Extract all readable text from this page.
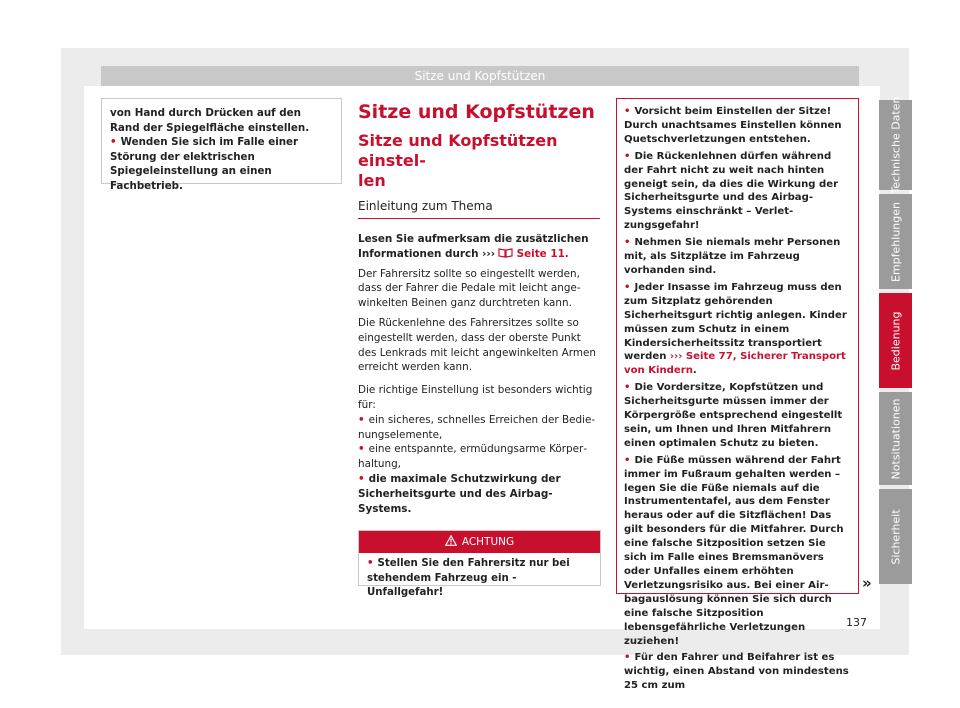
Sitze und Kopfstützen
von Hand durch Drücken auf den Rand der Spiegelfläche einstellen.
• Wenden Sie sich im Falle einer Störung der elektrischen Spiegeleinstellung an einen Fachbetrieb.
Sitze und Kopfstützen
Sitze und Kopfstützen einstel-
len
Einleitung zum Thema

Lesen Sie aufmerksam die zusätzlichen Informationen durch ››› Seite 11.

Der Fahrersitz sollte so eingestellt werden, dass der Fahrer die Pedale mit leicht angewinkelten Beinen ganz durchtreten kann.

Die Rückenlehne des Fahrersitzes sollte so eingestellt werden, dass der oberste Punkt des Lenkrads mit leicht angewinkelten Armen erreicht werden kann.

Die richtige Einstellung ist besonders wichtig für:

• ein sicheres, schnelles Erreichen der Bedienungselemente,
• eine entspannte, ermüdungsarme Körperhaltung,
• die maximale Schutzwirkung der Sicherheitsgurte und des Airbag-Systems.
ACHTUNG
• Stellen Sie den Fahrersitz nur bei stehendem Fahrzeug ein - Unfallgefahr!
• Vorsicht beim Einstellen der Sitze! Durch unachtsames Einstellen können Quetschverletzungen entstehen.
• Die Rückenlehnen dürfen während der Fahrt nicht zu weit nach hinten geneigt sein, da dies die Wirkung der Sicherheitsgurte und des Airbag-Systems einschränkt – Verletzungsgefahr!
• Nehmen Sie niemals mehr Personen mit, als Sitzplätze im Fahrzeug vorhanden sind.
• Jeder Insasse im Fahrzeug muss den zum Sitzplatz gehörenden Sicherheitsgurt richtig anlegen. Kinder müssen zum Schutz in einem Kindersicherheitssitz transportiert werden ››› Seite 77, Sicherer Transport von Kindern.
• Die Vordersitze, Kopfstützen und Sicherheitsgurte müssen immer der Körpergröße entsprechend eingestellt sein, um Ihnen und Ihren Mitfahrern einen optimalen Schutz zu bieten.
• Die Füße müssen während der Fahrt immer im Fußraum gehalten werden – legen Sie die Füße niemals auf die Instrumententafel, aus dem Fenster heraus oder auf die Sitzflächen! Das gilt besonders für die Mitfahrer. Durch eine falsche Sitzposition setzen Sie sich im Falle eines Bremsmanövers oder Unfalles einem erhöhten Verletzungsrisiko aus. Bei einer Airbagauslösung können Sie sich durch eine falsche Sitzposition lebensgefährliche Verletzungen zuziehen!
• Für den Fahrer und Beifahrer ist es wichtig, einen Abstand von mindestens 25 cm zum
»
Technische Daten
Empfehlungen
Bedienung
Notsituationen
Sicherheit
137
